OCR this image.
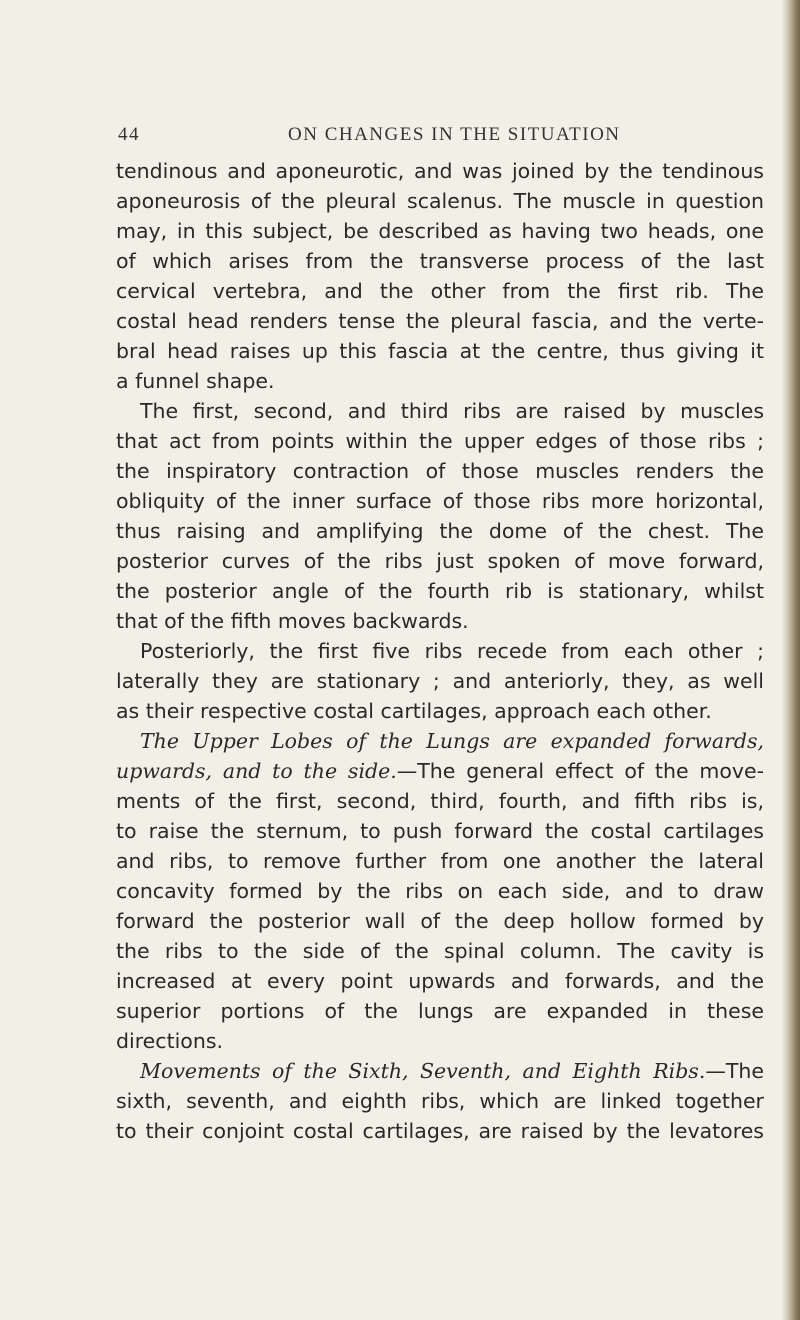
44	ON CHANGES IN THE SITUATION
tendinous and aponeurotic, and was joined by the tendinous
aponeurosis of the pleural scalenus. The muscle in question
may, in this subject, be described as having two heads, one
of which arises from the transverse process of the last
cervical vertebra, and the other from the first rib. The
costal head renders tense the pleural fascia, and the verte-
bral head raises up this fascia at the centre, thus giving it
a funnel shape.
The first, second, and third ribs are raised by muscles
that act from points within the upper edges of those ribs ;
the inspiratory contraction of those muscles renders the
obliquity of the inner surface of those ribs more horizontal,
thus raising and amplifying the dome of the chest. The
posterior curves of the ribs just spoken of move forward,
the posterior angle of the fourth rib is stationary, whilst
that of the fifth moves backwards.
Posteriorly, the first five ribs recede from each other ;
laterally they are stationary ; and anteriorly, they, as well
as their respective costal cartilages, approach each other.
The Upper Lobes of the Lungs are expanded forwards,
upwards, and to the side.—The general effect of the move-
ments of the first, second, third, fourth, and fifth ribs is,
to raise the sternum, to push forward the costal cartilages
and ribs, to remove further from one another the lateral
concavity formed by the ribs on each side, and to draw
forward the posterior wall of the deep hollow formed by
the ribs to the side of the spinal column. The cavity is
increased at every point upwards and forwards, and the
superior portions of the lungs are expanded in these
directions.
Movements of the Sixth, Seventh, and Eighth Ribs.—The
sixth, seventh, and eighth ribs, which are linked together
to their conjoint costal cartilages, are raised by the levatores
